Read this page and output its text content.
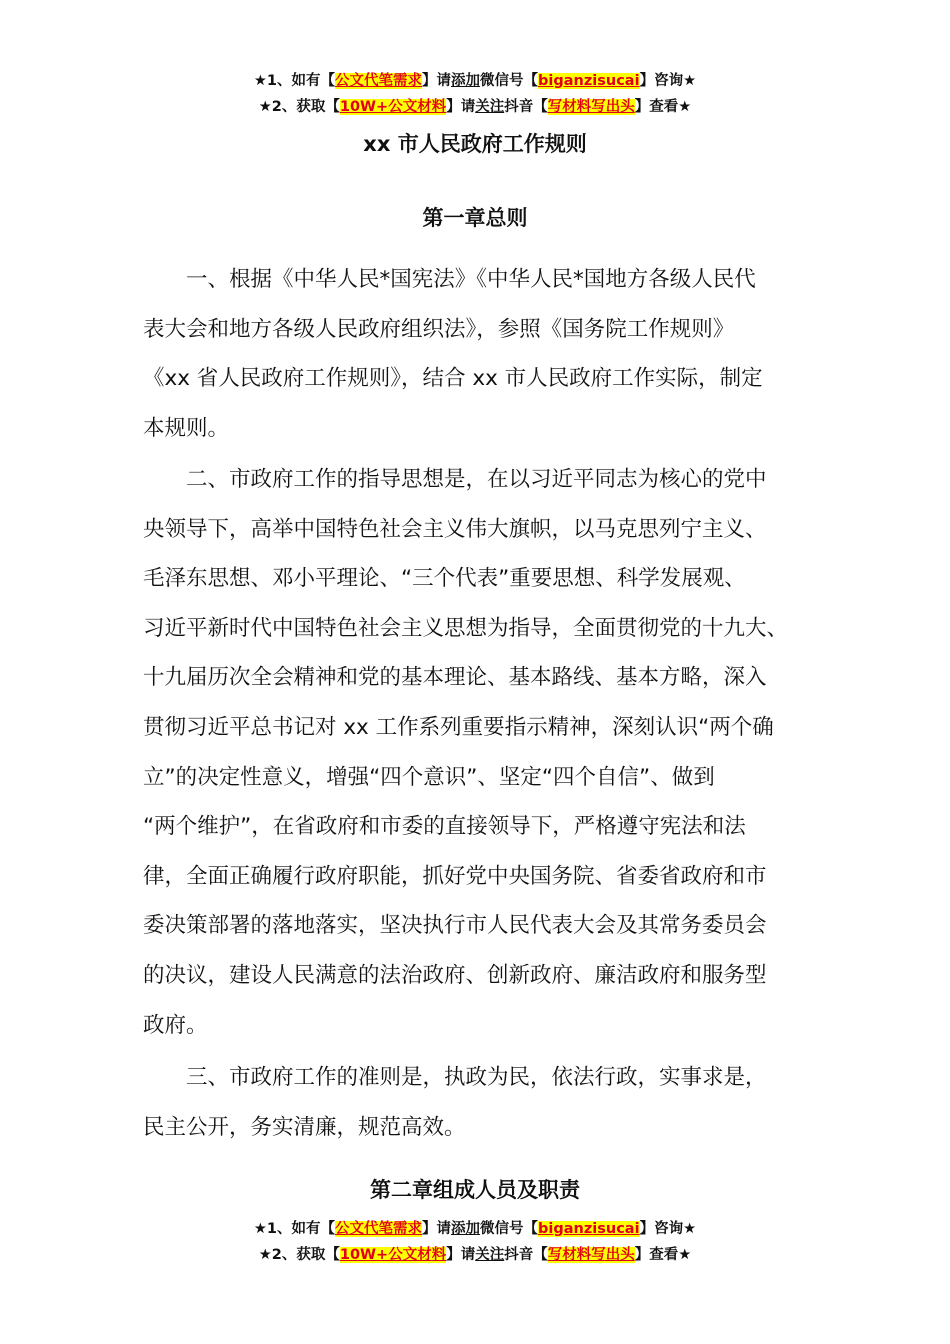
★1、如有【公文代笔需求】请添加微信号【biganzisucai】咨询★
★2、获取【10W+公文材料】请关注抖音【写材料写出头】查看★
xx 市人民政府工作规则
第一章总则
一、根据《中华人民*国宪法》《中华人民*国地方各级人民代
表大会和地方各级人民政府组织法》，参照《国务院工作规则》
《xx 省人民政府工作规则》，结合 xx 市人民政府工作实际，制定
本规则。
二、市政府工作的指导思想是，在以习近平同志为核心的党中
央领导下，高举中国特色社会主义伟大旗帜，以马克思列宁主义、
毛泽东思想、邓小平理论、“三个代表”重要思想、科学发展观、
习近平新时代中国特色社会主义思想为指导，全面贯彻党的十九大、
十九届历次全会精神和党的基本理论、基本路线、基本方略，深入
贯彻习近平总书记对 xx 工作系列重要指示精神，深刻认识“两个确
立”的决定性意义，增强“四个意识”、坚定“四个自信”、做到
“两个维护”，在省政府和市委的直接领导下，严格遵守宪法和法
律，全面正确履行政府职能，抓好党中央国务院、省委省政府和市
委决策部署的落地落实，坚决执行市人民代表大会及其常务委员会
的决议，建设人民满意的法治政府、创新政府、廉洁政府和服务型
政府。
三、市政府工作的准则是，执政为民，依法行政，实事求是，
民主公开，务实清廉，规范高效。
第二章组成人员及职责
★1、如有【公文代笔需求】请添加微信号【biganzisucai】咨询★
★2、获取【10W+公文材料】请关注抖音【写材料写出头】查看★
